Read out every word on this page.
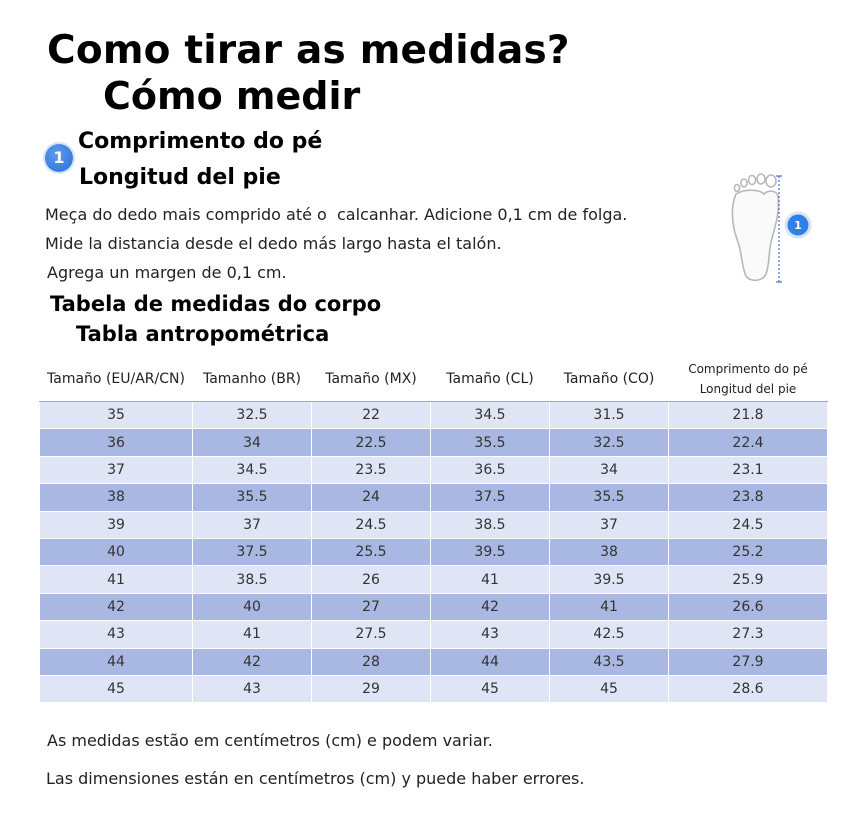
Como tirar as medidas?
Cómo medir
1
Comprimento do pé
Longitud del pie
Meça do dedo mais comprido até o  calcanhar. Adicione 0,1 cm de folga.
Mide la distancia desde el dedo más largo hasta el talón.
Agrega un margen de 0,1 cm.
1
Tabela de medidas do corpo
Tabla antropométrica
Tamaño (EU/AR/CN)	Tamanho (BR)	Tamaño (MX)	Tamaño (CL)	Tamaño (CO)	Comprimento do pé
Longitud del pie

35	32.5	22	34.5	31.5	21.8
36	34	22.5	35.5	32.5	22.4
37	34.5	23.5	36.5	34	23.1
38	35.5	24	37.5	35.5	23.8
39	37	24.5	38.5	37	24.5
40	37.5	25.5	39.5	38	25.2
41	38.5	26	41	39.5	25.9
42	40	27	42	41	26.6
43	41	27.5	43	42.5	27.3
44	42	28	44	43.5	27.9
45	43	29	45	45	28.6
As medidas estão em centímetros (cm) e podem variar.
Las dimensiones están en centímetros (cm) y puede haber errores.
